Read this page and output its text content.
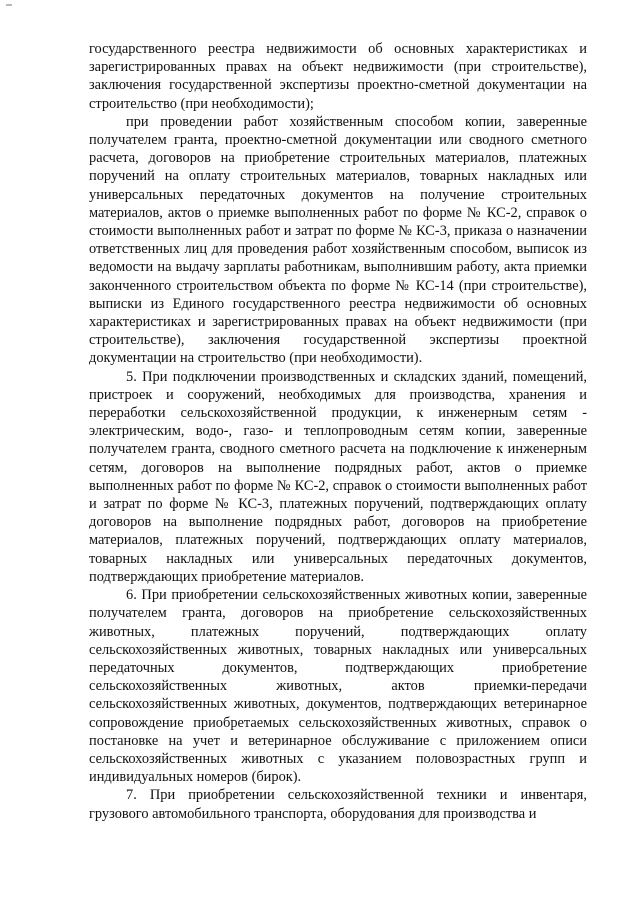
государственного реестра недвижимости об основных характеристиках и зарегистрированных правах на объект недвижимости (при строительстве), заключения государственной экспертизы проектно-сметной документации на строительство (при необходимости);

при проведении работ хозяйственным способом копии, заверенные получателем гранта, проектно-сметной документации или сводного сметного расчета, договоров на приобретение строительных материалов, платежных поручений на оплату строительных материалов, товарных накладных или универсальных передаточных документов на получение строительных материалов, актов о приемке выполненных работ по форме № КС-2, справок о стоимости выполненных работ и затрат по форме № КС-3, приказа о назначении ответственных лиц для проведения работ хозяйственным способом, выписок из ведомости на выдачу зарплаты работникам, выполнившим работу, акта приемки законченного строительством объекта по форме № КС-14 (при строительстве), выписки из Единого государственного реестра недвижимости об основных характеристиках и зарегистрированных правах на объект недвижимости (при строительстве), заключения государственной экспертизы проектной документации на строительство (при необходимости).

5. При подключении производственных и складских зданий, помещений, пристроек и сооружений, необходимых для производства, хранения и переработки сельскохозяйственной продукции, к инженерным сетям - электрическим, водо-, газо- и теплопроводным сетям копии, заверенные получателем гранта, сводного сметного расчета на подключение к инженерным сетям, договоров на выполнение подрядных работ, актов о приемке выполненных работ по форме № КС-2, справок о стоимости выполненных работ и затрат по форме № КС-3, платежных поручений, подтверждающих оплату договоров на выполнение подрядных работ, договоров на приобретение материалов, платежных поручений, подтверждающих оплату материалов, товарных накладных или универсальных передаточных документов, подтверждающих приобретение материалов.

6. При приобретении сельскохозяйственных животных копии, заверенные получателем гранта, договоров на приобретение сельскохозяйственных животных, платежных поручений, подтверждающих оплату сельскохозяйственных животных, товарных накладных или универсальных передаточных документов, подтверждающих приобретение сельскохозяйственных животных, актов приемки-передачи сельскохозяйственных животных, документов, подтверждающих ветеринарное сопровождение приобретаемых сельскохозяйственных животных, справок о постановке на учет и ветеринарное обслуживание с приложением описи сельскохозяйственных животных с указанием половозрастных групп и индивидуальных номеров (бирок).

7. При приобретении сельскохозяйственной техники и инвентаря, грузового автомобильного транспорта, оборудования для производства и
